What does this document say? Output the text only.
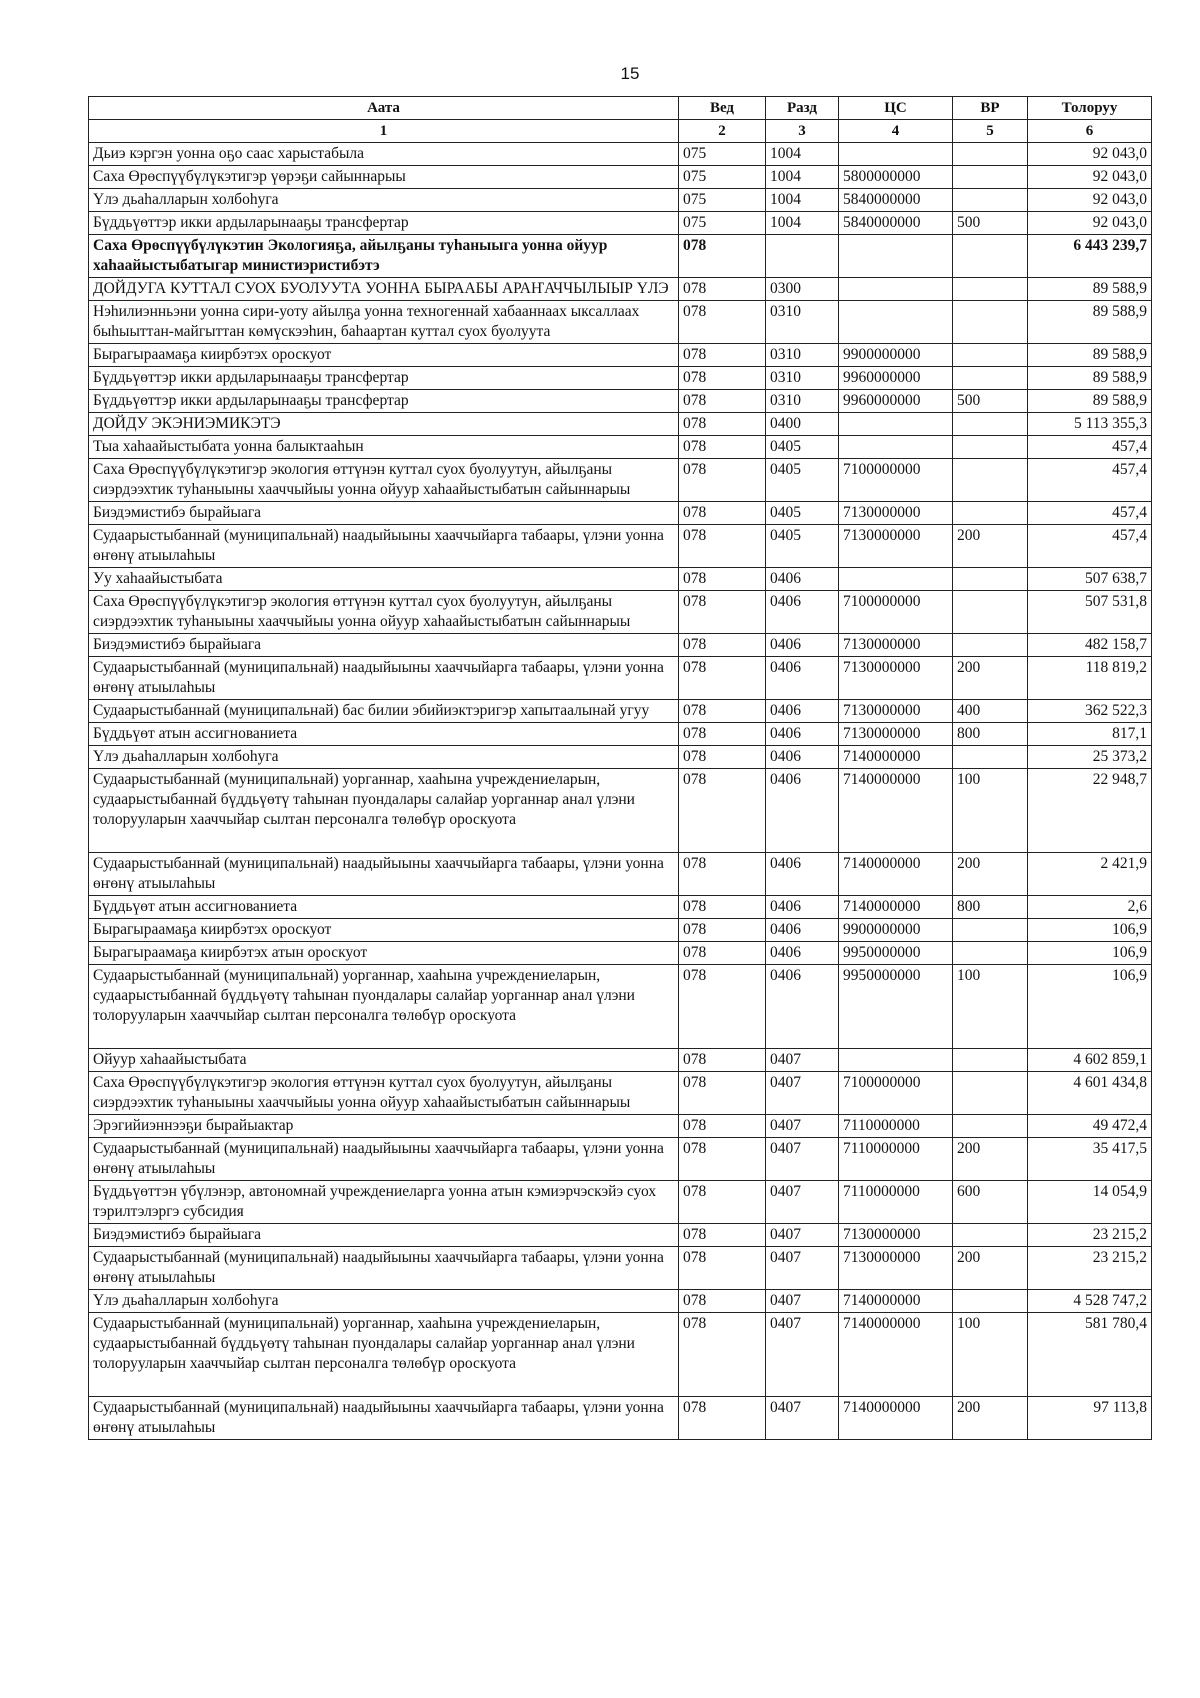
15
Аата	Вед	Разд	ЦС	ВР	Толоруу
1	2	3	4	5	6
Дьиэ кэргэн уонна оҕо саас харыстабыла	075	1004			92 043,0
Саха Өрөспүүбүлүкэтигэр үөрэҕи сайыннарыы	075	1004	5800000000		92 043,0
Үлэ дьаһалларын холбоһуга	075	1004	5840000000		92 043,0
Бүддьүөттэр икки ардыларынааҕы трансфертар	075	1004	5840000000	500	92 043,0
Саха Өрөспүүбүлүкэтин Экологияҕа, айылҕаны туһаныыга уонна ойуур хаһаайыстыбатыгар министиэристибэтэ	078				6 443 239,7
ДОЙДУГА КУТТАЛ СУОХ БУОЛУУТА УОННА БЫРААБЫ АРАҤАЧЧЫЛЫЫР ҮЛЭ	078	0300			89 588,9
Нэһилиэнньэни уонна сири-уоту айылҕа уонна техногеннай хабааннаах ыксаллаах быһыыттан-майгыттан көмүскээһин, баһаартан куттал суох буолуута	078	0310			89 588,9
Бырагыраамаҕа киирбэтэх ороскуот	078	0310	9900000000		89 588,9
Бүддьүөттэр икки ардыларынааҕы трансфертар	078	0310	9960000000		89 588,9
Бүддьүөттэр икки ардыларынааҕы трансфертар	078	0310	9960000000	500	89 588,9
ДОЙДУ ЭКЭНИЭМИКЭТЭ	078	0400			5 113 355,3
Тыа хаһаайыстыбата уонна балыктааһын	078	0405			457,4
Саха Өрөспүүбүлүкэтигэр экология өттүнэн куттал суох буолуутун, айылҕаны сиэрдээхтик туһаныыны хааччыйыы уонна ойуур хаһаайыстыбатын сайыннарыы	078	0405	7100000000		457,4
Биэдэмистибэ бырайыага	078	0405	7130000000		457,4
Судаарыстыбаннай (муниципальнай) наадыйыыны хааччыйарга табаары, үлэни уонна өҥөнү атыылаһыы	078	0405	7130000000	200	457,4
Уу хаһаайыстыбата	078	0406			507 638,7
Саха Өрөспүүбүлүкэтигэр экология өттүнэн куттал суох буолуутун, айылҕаны сиэрдээхтик туһаныыны хааччыйыы уонна ойуур хаһаайыстыбатын сайыннарыы	078	0406	7100000000		507 531,8
Биэдэмистибэ бырайыага	078	0406	7130000000		482 158,7
Судаарыстыбаннай (муниципальнай) наадыйыыны хааччыйарга табаары, үлэни уонна өҥөнү атыылаһыы	078	0406	7130000000	200	118 819,2
Судаарыстыбаннай (муниципальнай) бас билии эбийиэктэригэр хапытаалынай угуу	078	0406	7130000000	400	362 522,3
Бүддьүөт атын ассигнованиета	078	0406	7130000000	800	817,1
Үлэ дьаһалларын холбоһуга	078	0406	7140000000		25 373,2
Судаарыстыбаннай (муниципальнай) уорганнар, хааһына учреждениеларын, судаарыстыбаннай бүддьүөтү таһынан пуондалары салайар уорганнар анал үлэни толорууларын хааччыйар сылтан персоналга төлөбүр ороскуота	078	0406	7140000000	100	22 948,7
Судаарыстыбаннай (муниципальнай) наадыйыыны хааччыйарга табаары, үлэни уонна өҥөнү атыылаһыы	078	0406	7140000000	200	2 421,9
Бүддьүөт атын ассигнованиета	078	0406	7140000000	800	2,6
Бырагыраамаҕа киирбэтэх ороскуот	078	0406	9900000000		106,9
Бырагыраамаҕа киирбэтэх атын ороскуот	078	0406	9950000000		106,9
Судаарыстыбаннай (муниципальнай) уорганнар, хааһына учреждениеларын, судаарыстыбаннай бүддьүөтү таһынан пуондалары салайар уорганнар анал үлэни толорууларын хааччыйар сылтан персоналга төлөбүр ороскуота	078	0406	9950000000	100	106,9
Ойуур хаһаайыстыбата	078	0407			4 602 859,1
Саха Өрөспүүбүлүкэтигэр экология өттүнэн куттал суох буолуутун, айылҕаны сиэрдээхтик туһаныыны хааччыйыы уонна ойуур хаһаайыстыбатын сайыннарыы	078	0407	7100000000		4 601 434,8
Эрэгийиэннээҕи бырайыактар	078	0407	7110000000		49 472,4
Судаарыстыбаннай (муниципальнай) наадыйыыны хааччыйарга табаары, үлэни уонна өҥөнү атыылаһыы	078	0407	7110000000	200	35 417,5
Бүддьүөттэн үбүлэнэр, автономнай учреждениеларга уонна атын кэмиэрчэскэйэ суох тэрилтэлэргэ субсидия	078	0407	7110000000	600	14 054,9
Биэдэмистибэ бырайыага	078	0407	7130000000		23 215,2
Судаарыстыбаннай (муниципальнай) наадыйыыны хааччыйарга табаары, үлэни уонна өҥөнү атыылаһыы	078	0407	7130000000	200	23 215,2
Үлэ дьаһалларын холбоһуга	078	0407	7140000000		4 528 747,2
Судаарыстыбаннай (муниципальнай) уорганнар, хааһына учреждениеларын, судаарыстыбаннай бүддьүөтү таһынан пуондалары салайар уорганнар анал үлэни толорууларын хааччыйар сылтан персоналга төлөбүр ороскуота	078	0407	7140000000	100	581 780,4
Судаарыстыбаннай (муниципальнай) наадыйыыны хааччыйарга табаары, үлэни уонна өҥөнү атыылаһыы	078	0407	7140000000	200	97 113,8
